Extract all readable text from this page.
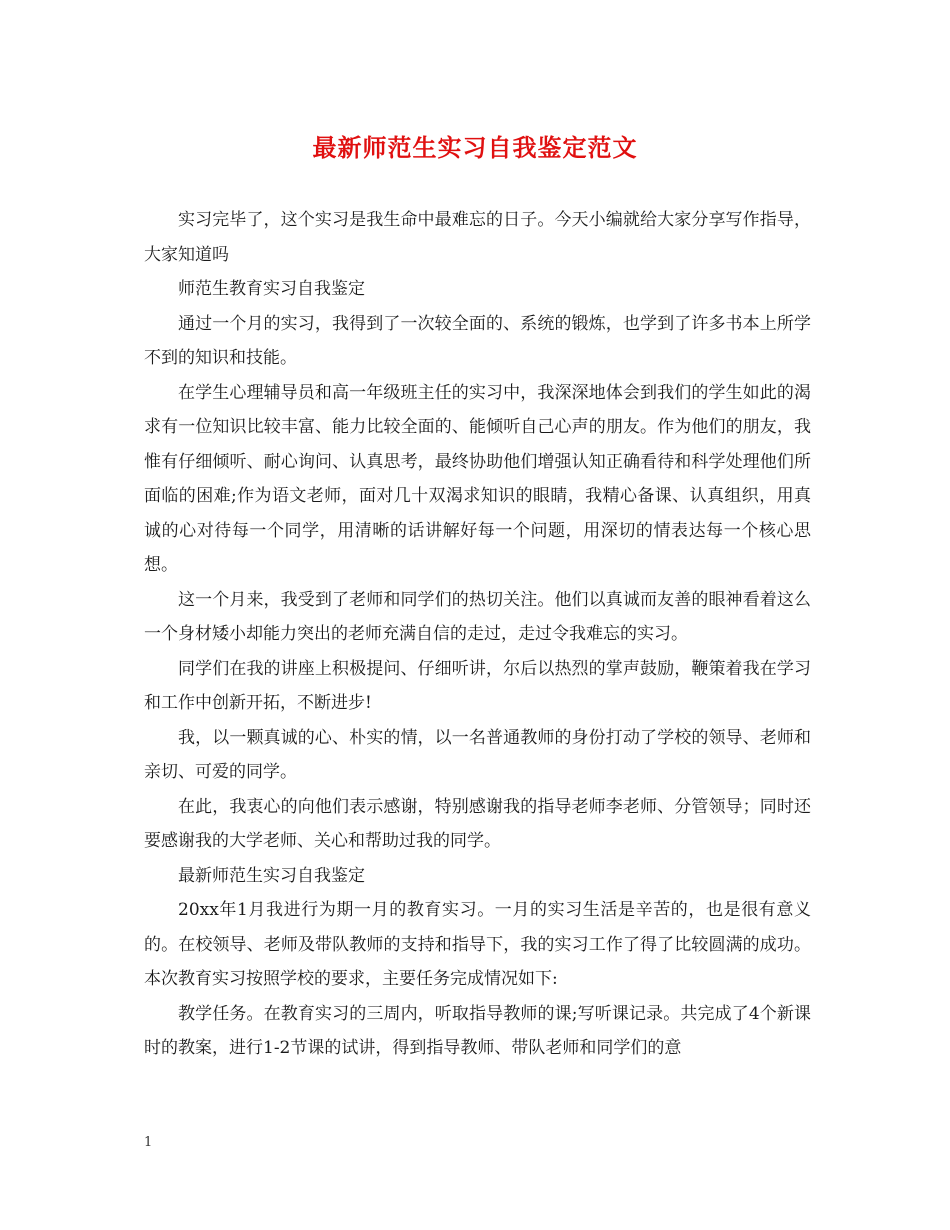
最新师范生实习自我鉴定范文

实习完毕了，这个实习是我生命中最难忘的日子。今天小编就给大家分享写作指导，大家知道吗

师范生教育实习自我鉴定

通过一个月的实习，我得到了一次较全面的、系统的锻炼，也学到了许多书本上所学不到的知识和技能。

在学生心理辅导员和高一年级班主任的实习中，我深深地体会到我们的学生如此的渴求有一位知识比较丰富、能力比较全面的、能倾听自己心声的朋友。作为他们的朋友，我惟有仔细倾听、耐心询问、认真思考，最终协助他们增强认知正确看待和科学处理他们所面临的困难;作为语文老师，面对几十双渴求知识的眼睛，我精心备课、认真组织，用真诚的心对待每一个同学，用清晰的话讲解好每一个问题，用深切的情表达每一个核心思想。

这一个月来，我受到了老师和同学们的热切关注。他们以真诚而友善的眼神看着这么一个身材矮小却能力突出的老师充满自信的走过，走过令我难忘的实习。

同学们在我的讲座上积极提问、仔细听讲，尔后以热烈的掌声鼓励，鞭策着我在学习和工作中创新开拓，不断进步!

我，以一颗真诚的心、朴实的情，以一名普通教师的身份打动了学校的领导、老师和亲切、可爱的同学。

在此，我衷心的向他们表示感谢，特别感谢我的指导老师李老师、分管领导；同时还要感谢我的大学老师、关心和帮助过我的同学。

最新师范生实习自我鉴定

20xx年1月我进行为期一月的教育实习。一月的实习生活是辛苦的，也是很有意义的。在校领导、老师及带队教师的支持和指导下，我的实习工作了得了比较圆满的成功。本次教育实习按照学校的要求，主要任务完成情况如下:

教学任务。在教育实习的三周内，听取指导教师的课;写听课记录。共完成了4个新课时的教案，进行1-2节课的试讲，得到指导教师、带队老师和同学们的意

1
